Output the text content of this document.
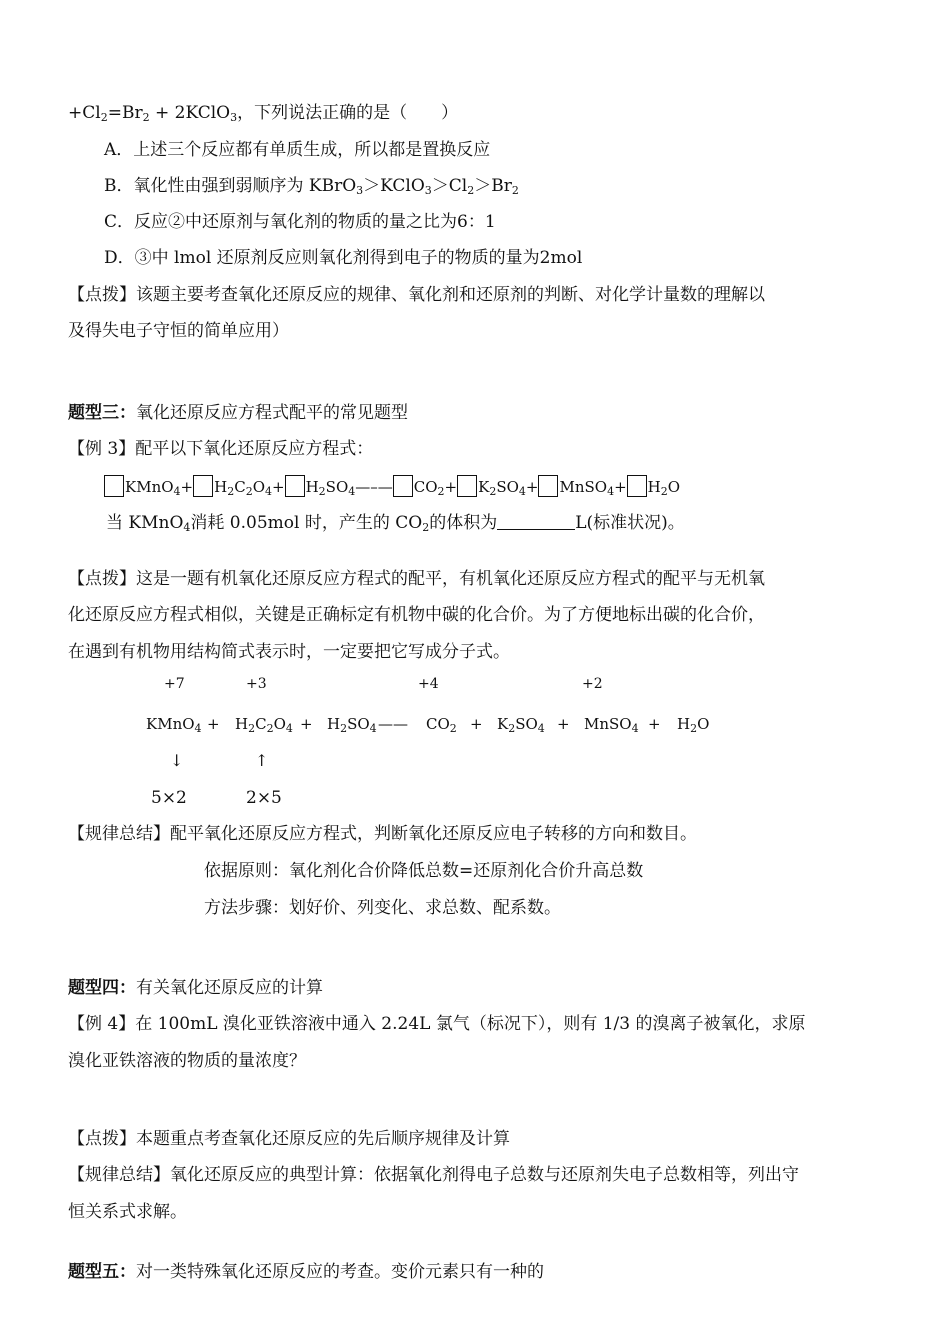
$+Cl_2=Br_2$ + 2KClO$_3$，下列说法正确的是（　　）
A．上述三个反应都有单质生成，所以都是置换反应
B．氧化性由强到弱顺序为 $KBrO_3>KClO_3>Cl_2>Br_2$
C．反应②中还原剂与氧化剂的物质的量之比为6：1
D．③中 lmol 还原剂反应则氧化剂得到电子的物质的量为2mol
【点拨】该题主要考查氧化还原反应的规律、氧化剂和还原剂的判断、对化学计量数的理解以
及得失电子守恒的简单应用）
题型三：氧化还原反应方程式配平的常见题型
【例 3】配平以下氧化还原反应方程式：
KMnO$_4$+ $H_2C_2O_4+$ $H_2SO_4—-—$ $CO_2+ K_2SO_4+$ MnSO$_4$+ $H_2O$
当 KMnO$_4$消耗 0.05mol 时，产生的 $CO_2$的体积为	L(标准状况)。
【点拨】这是一题有机氧化还原反应方程式的配平，有机氧化还原反应方程式的配平与无机氧
化还原反应方程式相似，关键是正确标定有机物中碳的化合价。为了方便地标出碳的化合价，
在遇到有机物用结构简式表示时，一定要把它写成分子式。
+7	+3	+4	+2
KMnO$_4$ + $H_2C_2O_4 + H_2SO_4$ —— $CO_2 + K_2SO_4$ + MnSO$_4$ + $H_2O$
↓	↑
5×2	2×5
【规律总结】配平氧化还原反应方程式，判断氧化还原反应电子转移的方向和数目。
依据原则：氧化剂化合价降低总数=还原剂化合价升高总数
方法步骤：划好价、列变化、求总数、配系数。
题型四：有关氧化还原反应的计算
【例 4】在 100mL 溴化亚铁溶液中通入 2.24L 氯气（标况下），则有 1/3 的溴离子被氧化，求原
溴化亚铁溶液的物质的量浓度？
【点拨】本题重点考查氧化还原反应的先后顺序规律及计算
【规律总结】氧化还原反应的典型计算：依据氧化剂得电子总数与还原剂失电子总数相等，列出守
恒关系式求解。
题型五：对一类特殊氧化还原反应的考查。变价元素只有一种的
